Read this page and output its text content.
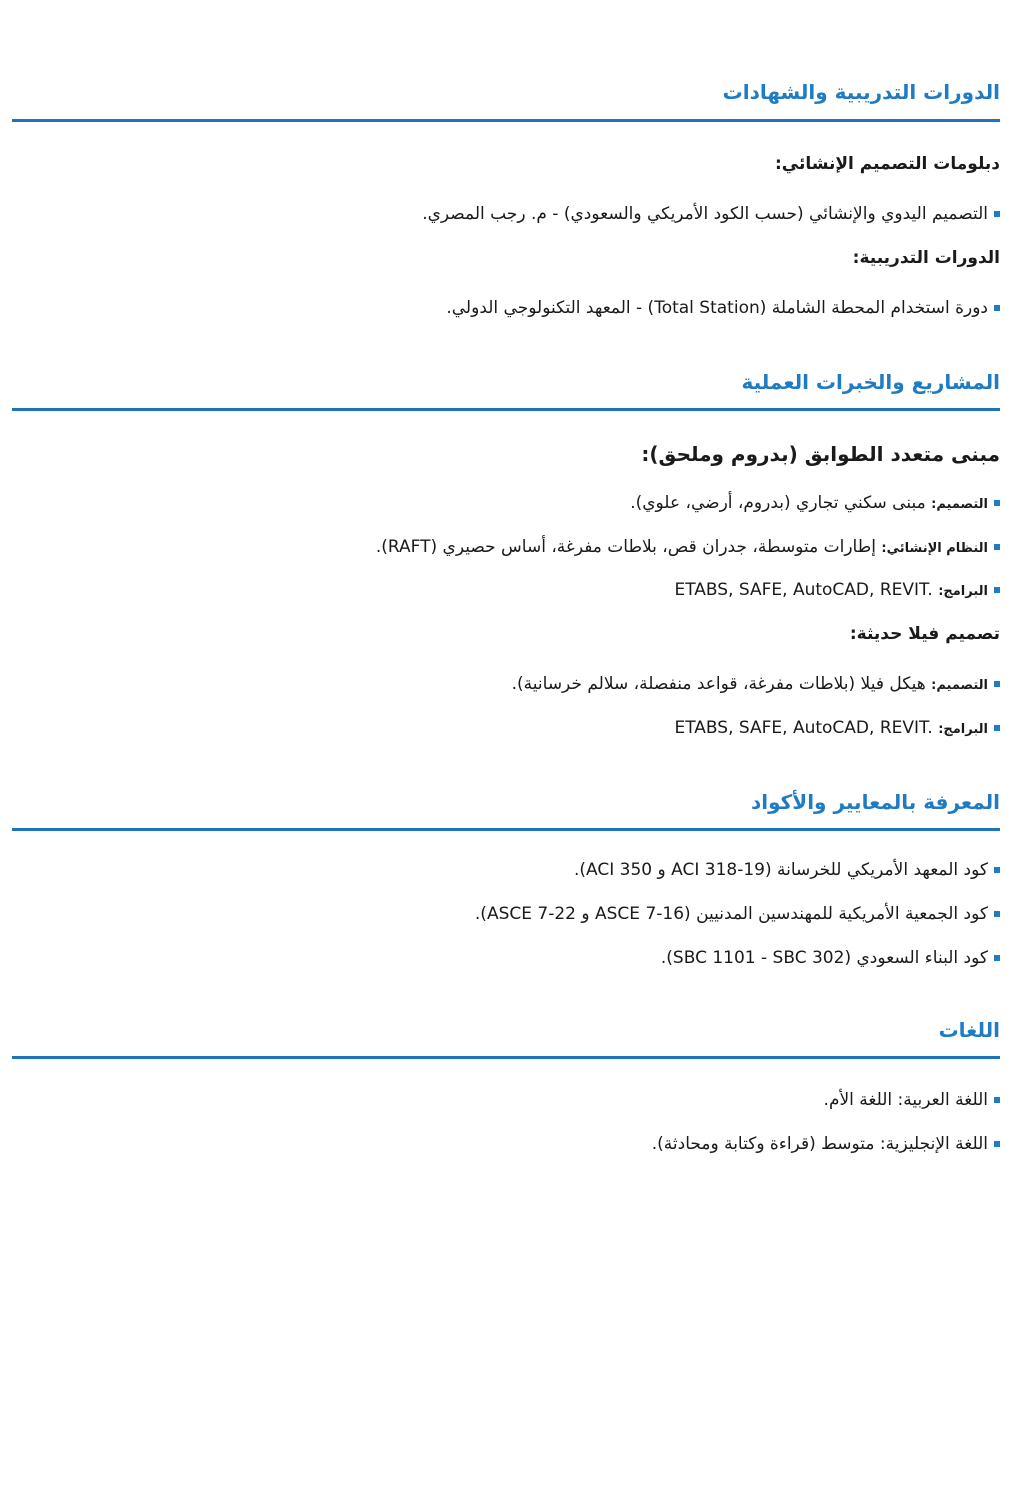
الدورات التدريبية والشهادات
دبلومات التصميم الإنشائي:
التصميم اليدوي والإنشائي (حسب الكود الأمريكي والسعودي) - م. رجب المصري.
الدورات التدريبية:
دورة استخدام المحطة الشاملة (Total Station) - المعهد التكنولوجي الدولي.
المشاريع والخبرات العملية
مبنى متعدد الطوابق (بدروم وملحق):
التصميم: مبنى سكني تجاري (بدروم، أرضي، علوي).
النظام الإنشائي: إطارات متوسطة، جدران قص، بلاطات مفرغة، أساس حصيري (RAFT).
البرامج: ETABS, SAFE, AutoCAD, REVIT.
تصميم فيلا حديثة:
التصميم: هيكل فيلا (بلاطات مفرغة، قواعد منفصلة، سلالم خرسانية).
البرامج: ETABS, SAFE, AutoCAD, REVIT.
المعرفة بالمعايير والأكواد
كود المعهد الأمريكي للخرسانة (ACI 318-19 و ACI 350).
كود الجمعية الأمريكية للمهندسين المدنيين (ASCE 7-16 و ASCE 7-22).
كود البناء السعودي (SBC 1101 - SBC 302).
اللغات
اللغة العربية: اللغة الأم.
اللغة الإنجليزية: متوسط (قراءة وكتابة ومحادثة).
